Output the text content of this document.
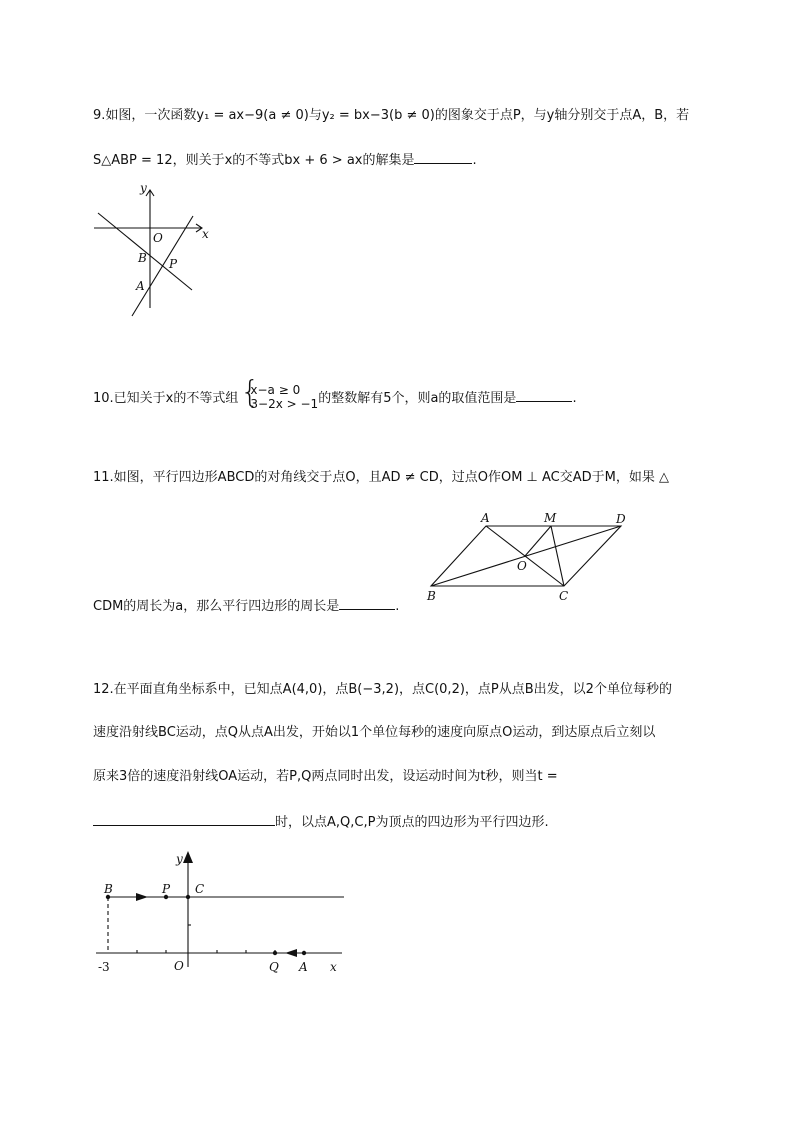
9.如图，一次函数y₁ = ax−9(a ≠ 0)与y₂ = bx−3(b ≠ 0)的图象交于点P，与y轴分别交于点A，B，若
S△ABP = 12，则关于x的不等式bx + 6 > ax的解集是	.
y
x
O
B P
A
10.已知关于x的不等式组 {
x−a ≥ 0
3−2x > −1 的整数解有5个，则a的取值范围是	.
11.如图，平行四边形ABCD的对角线交于点O，且AD ≠ CD，过点O作OM ⊥ AC交AD于M，如果 △
A	M	D
O
B	C
CDM的周长为a，那么平行四边形的周长是	.
12.在平面直角坐标系中，已知点A(4,0)，点B(−3,2)，点C(0,2)，点P从点B出发，以2个单位每秒的
速度沿射线BC运动，点Q从点A出发，开始以1个单位每秒的速度向原点O运动，到达原点后立刻以
原来3倍的速度沿射线OA运动，若P,Q两点同时出发，设运动时间为t秒，则当t =
时，以点A,Q,C,P为顶点的四边形为平行四边形.
y
B	P C
-3	O	Q A x
